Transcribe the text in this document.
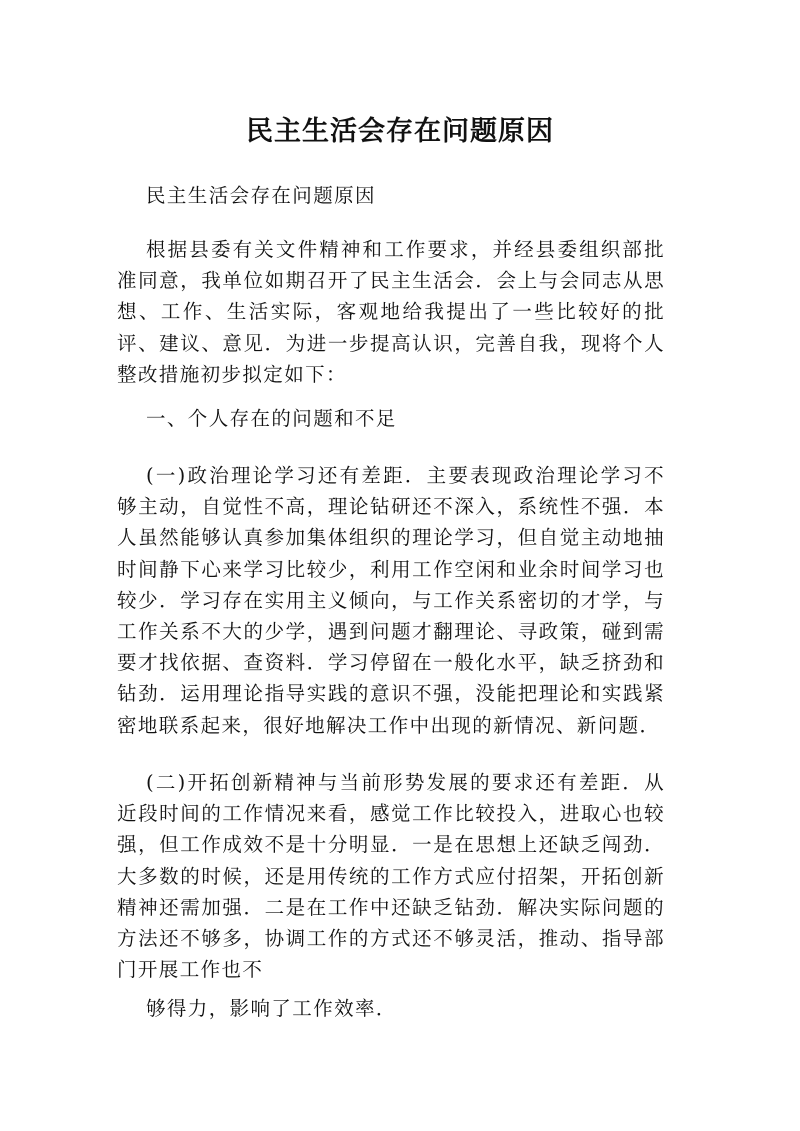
民主生活会存在问题原因

民主生活会存在问题原因

根据县委有关文件精神和工作要求，并经县委组织部批准同意，我单位如期召开了民主生活会．会上与会同志从思想、工作、生活实际，客观地给我提出了一些比较好的批评、建议、意见．为进一步提高认识，完善自我，现将个人整改措施初步拟定如下：

一、个人存在的问题和不足

(一)政治理论学习还有差距．主要表现政治理论学习不够主动，自觉性不高，理论钻研还不深入，系统性不强．本人虽然能够认真参加集体组织的理论学习，但自觉主动地抽时间静下心来学习比较少，利用工作空闲和业余时间学习也较少．学习存在实用主义倾向，与工作关系密切的才学，与工作关系不大的少学，遇到问题才翻理论、寻政策，碰到需要才找依据、查资料．学习停留在一般化水平，缺乏挤劲和钻劲．运用理论指导实践的意识不强，没能把理论和实践紧密地联系起来，很好地解决工作中出现的新情况、新问题．

(二)开拓创新精神与当前形势发展的要求还有差距．从近段时间的工作情况来看，感觉工作比较投入，进取心也较强，但工作成效不是十分明显．一是在思想上还缺乏闯劲．大多数的时候，还是用传统的工作方式应付招架，开拓创新精神还需加强．二是在工作中还缺乏钻劲．解决实际问题的方法还不够多，协调工作的方式还不够灵活，推动、指导部门开展工作也不

够得力，影响了工作效率．
